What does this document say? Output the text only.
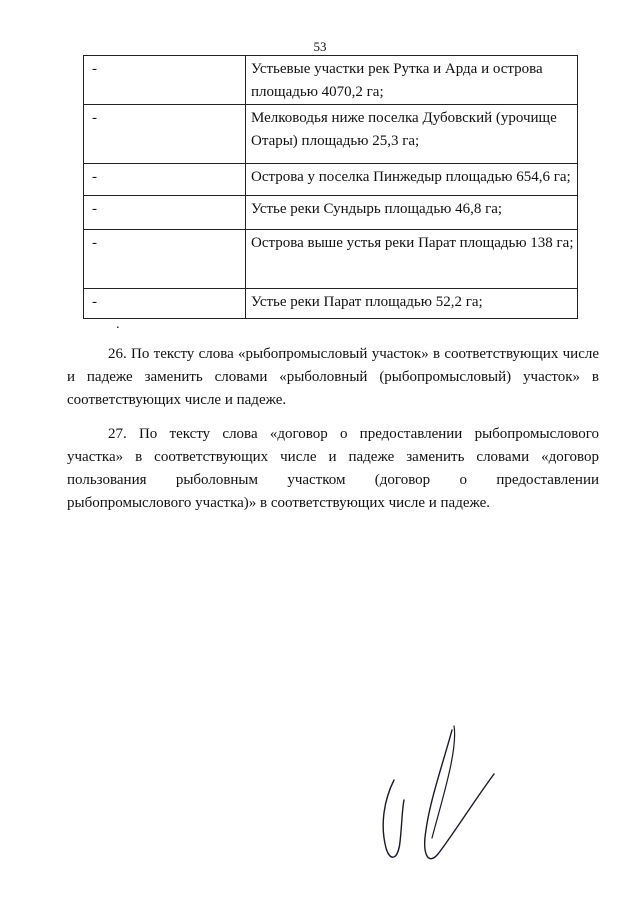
53
-	Устьевые участки рек Рутка и Арда и острова площадью 4070,2 га;

-	Мелководья ниже поселка Дубовский (урочище Отары) площадью 25,3 га;

-	Острова у поселка Пинжедыр площадью 654,6 га;

-	Устье реки Сундырь площадью 46,8 га;

-	Острова выше устья реки Парат площадью 138 га;

-	Устье реки Парат площадью 52,2 га;
.

26. По тексту слова «рыбопромысловый участок» в соответствующих числе и падеже заменить словами «рыболовный (рыбопромысловый) участок» в соответствующих числе и падеже.

27. По тексту слова «договор о предоставлении рыбопромыслового участка» в соответствующих числе и падеже заменить словами «договор пользования рыболовным участком (договор о предоставлении рыбопромыслового участка)» в соответствующих числе и падеже.
